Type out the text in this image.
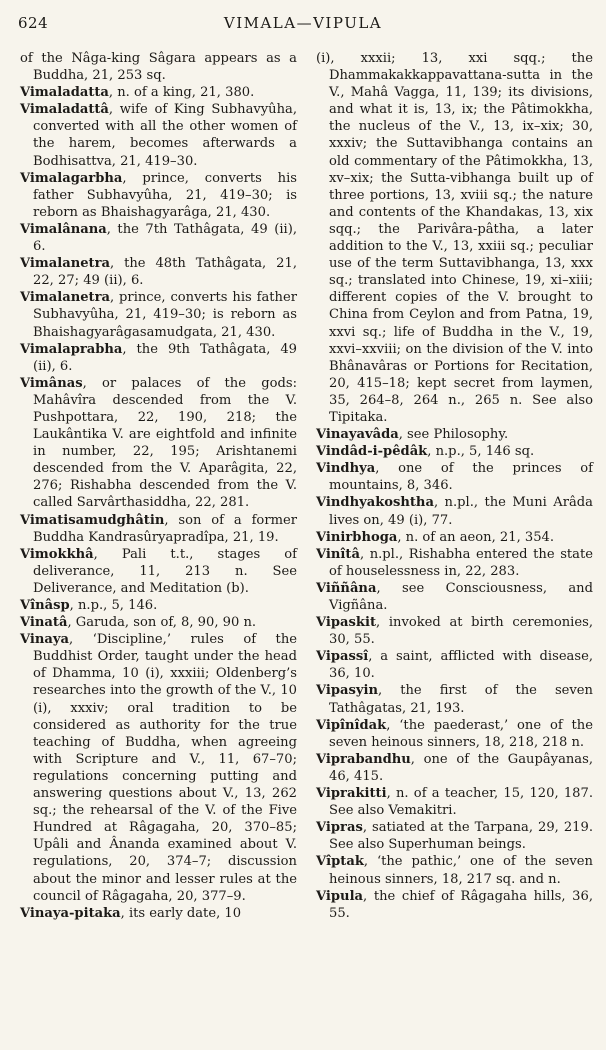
624	VIMALA—VIPULA

of the Nâga-king Sâgara appears as a Buddha, 21, 253 sq.

Vimaladatta, n. of a king, 21, 380.

Vimaladattâ, wife of King Subhavyûha, converted with all the other women of the harem, becomes afterwards a Bodhisattva, 21, 419–30.

Vimalagarbha, prince, converts his father Subhavyûha, 21, 419–30; is reborn as Bhaishagyarâga, 21, 430.

Vimalânana, the 7th Tathâgata, 49 (ii), 6.

Vimalanetra, the 48th Tathâgata, 21, 22, 27; 49 (ii), 6.

Vimalanetra, prince, converts his father Subhavyûha, 21, 419–30; is reborn as Bhaishagyarâgasamudgata, 21, 430.

Vimalaprabha, the 9th Tathâgata, 49 (ii), 6.

Vimânas, or palaces of the gods: Mahâvîra descended from the V. Pushpottara, 22, 190, 218; the Laukântika V. are eightfold and infinite in number, 22, 195; Arishtanemi descended from the V. Aparâgita, 22, 276; Rishabha descended from the V. called Sarvârthasiddha, 22, 281.

Vimatisamudghâtin, son of a former Buddha Kandrasûryapradîpa, 21, 19.

Vimokkhâ, Pali t.t., stages of deliverance, 11, 213 n. See Deliverance, and Meditation (b).

Vînâsp, n.p., 5, 146.

Vinatâ, Garuda, son of, 8, 90, 90 n.

Vinaya, ‘Discipline,’ rules of the Buddhist Order, taught under the head of Dhamma, 10 (i), xxxiii; Oldenberg’s researches into the growth of the V., 10 (i), xxxiv; oral tradition to be considered as authority for the true teaching of Buddha, when agreeing with Scripture and V., 11, 67–70; regulations concerning putting and answering questions about V., 13, 262 sq.; the rehearsal of the V. of the Five Hundred at Râgagaha, 20, 370–85; Upâli and Ânanda examined about V. regulations, 20, 374–7; discussion about the minor and lesser rules at the council of Râgagaha, 20, 377–9.

Vinaya-pitaka, its early date, 10

(i), xxxii; 13, xxi sqq.; the Dhammakakkappavattana-sutta in the V., Mahâ Vagga, 11, 139; its divisions, and what it is, 13, ix; the Pâtimokkha, the nucleus of the V., 13, ix–xix; 30, xxxiv; the Suttavibhanga contains an old commentary of the Pâtimokkha, 13, xv–xix; the Sutta-vibhanga built up of three portions, 13, xviii sq.; the nature and contents of the Khandakas, 13, xix sqq.; the Parivâra-pâtha, a later addition to the V., 13, xxiii sq.; peculiar use of the term Suttavibhanga, 13, xxx sq.; translated into Chinese, 19, xi–xiii; different copies of the V. brought to China from Ceylon and from Patna, 19, xxvi sq.; life of Buddha in the V., 19, xxvi–xxviii; on the division of the V. into Bhânavâras or Portions for Recitation, 20, 415–18; kept secret from laymen, 35, 264–8, 264 n., 265 n. See also Tipitaka.

Vinayavâda, see Philosophy.

Vindâd-i-pêdâk, n.p., 5, 146 sq.

Vindhya, one of the princes of mountains, 8, 346.

Vindhyakoshtha, n.pl., the Muni Arâda lives on, 49 (i), 77.

Vinirbhoga, n. of an aeon, 21, 354.

Vinîtâ, n.pl., Rishabha entered the state of houselessness in, 22, 283.

Viññâna, see Consciousness, and Vigñâna.

Vipaskit, invoked at birth ceremonies, 30, 55.

Vipassî, a saint, afflicted with disease, 36, 10.

Vipasyin, the first of the seven Tathâgatas, 21, 193.

Vipînîdak, ‘the paederast,’ one of the seven heinous sinners, 18, 218, 218 n.

Viprabandhu, one of the Gaupâyanas, 46, 415.

Viprakitti, n. of a teacher, 15, 120, 187. See also Vemakitri.

Vipras, satiated at the Tarpana, 29, 219. See also Superhuman beings.

Vîptak, ‘the pathic,’ one of the seven heinous sinners, 18, 217 sq. and n.

Vipula, the chief of Râgagaha hills, 36, 55.
